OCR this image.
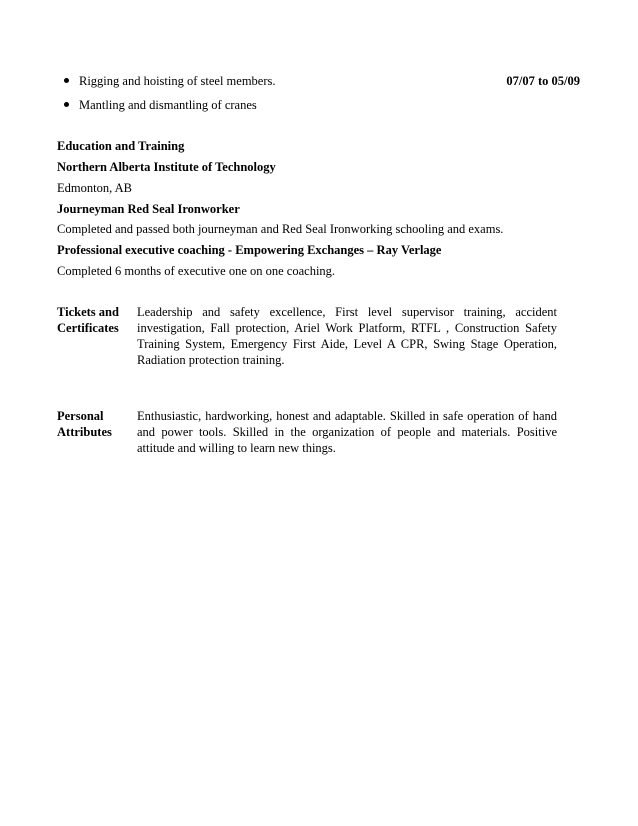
Rigging and hoisting of steel members.	07/07 to 05/09
Mantling and dismantling of cranes
Education and Training
Northern Alberta Institute of Technology
Edmonton, AB
Journeyman Red Seal Ironworker
Completed and passed both journeyman and Red Seal Ironworking schooling and exams.
Professional executive coaching - Empowering Exchanges – Ray Verlage
Completed 6 months of executive one on one coaching.
Tickets and
Certificates
Leadership and safety excellence, First level supervisor training, accident investigation, Fall protection, Ariel Work Platform, RTFL , Construction Safety Training System, Emergency First Aide, Level A CPR, Swing Stage Operation, Radiation protection training.
Personal
Attributes
Enthusiastic, hardworking, honest and adaptable. Skilled in safe operation of hand and power tools. Skilled in the organization of people and materials. Positive attitude and willing to learn new things.
